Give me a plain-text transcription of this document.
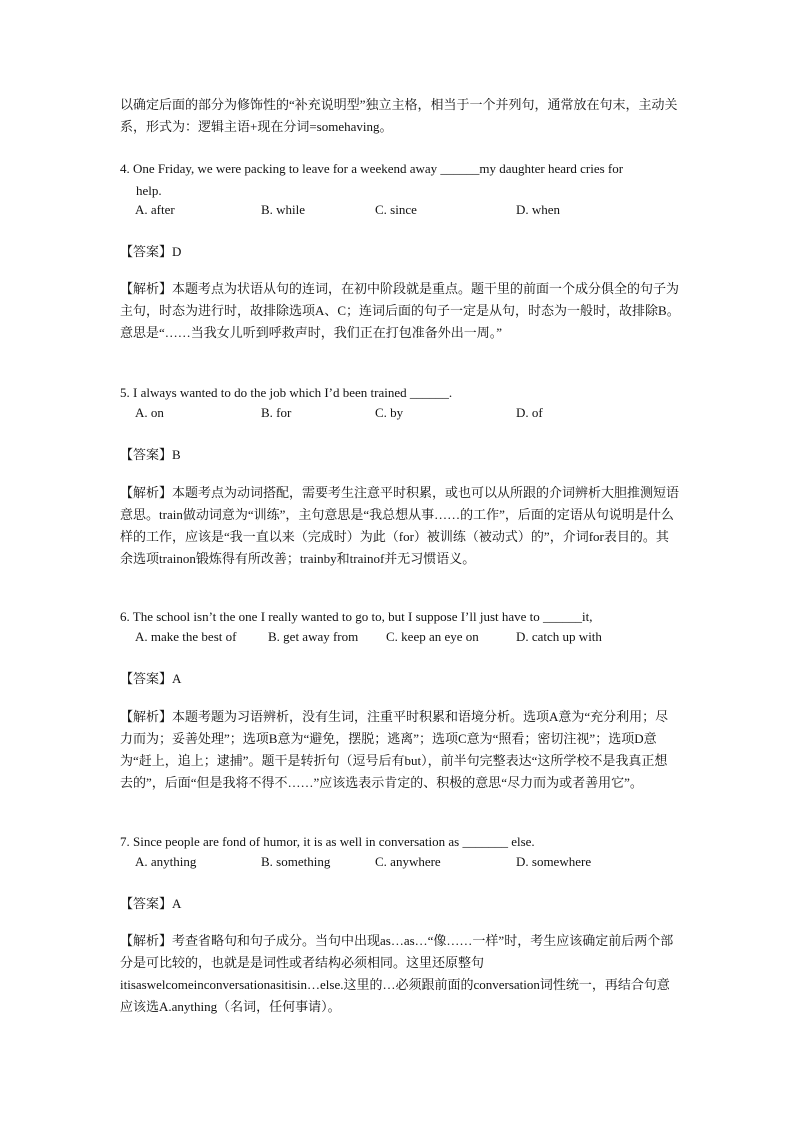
以确定后面的部分为修饰性的“补充说明型”独立主格，相当于一个并列句，通常放在句末，主动关系，形式为：逻辑主语+现在分词=somehaving。

4. One Friday, we were packing to leave for a weekend away ______my daughter heard cries for
help.

A. after	B. while	C. since	D. when
【答案】D

【解析】本题考点为状语从句的连词，在初中阶段就是重点。题干里的前面一个成分俱全的句子为主句，时态为进行时，故排除选项A、C；连词后面的句子一定是从句，时态为一般时，故排除B。意思是“……当我女儿听到呼救声时，我们正在打包准备外出一周。”

5. I always wanted to do the job which I’d been trained ______.

A. on	B. for	C. by	D. of
【答案】B

【解析】本题考点为动词搭配，需要考生注意平时积累，或也可以从所跟的介词辨析大胆推测短语意思。train做动词意为“训练”，主句意思是“我总想从事……的工作”，后面的定语从句说明是什么样的工作，应该是“我一直以来（完成时）为此（for）被训练（被动式）的”，介词for表目的。其余选项trainon锻炼得有所改善；trainby和trainof并无习惯语义。

6. The school isn’t the one I really wanted to go to, but I suppose I’ll just have to ______it,

A. make the best of B. get away from C. keep an eye on	D. catch up with
【答案】A

【解析】本题考题为习语辨析，没有生词，注重平时积累和语境分析。选项A意为“充分利用；尽力而为；妥善处理”；选项B意为“避免，摆脱；逃离”；选项C意为“照看；密切注视”；选项D意为“赶上，追上；逮捕”。题干是转折句（逗号后有but），前半句完整表达“这所学校不是我真正想去的”，后面“但是我将不得不……”应该选表示肯定的、积极的意思“尽力而为或者善用它”。

7. Since people are fond of humor, it is as well in conversation as _______ else.

A. anything	B. something	C. anywhere	D. somewhere
【答案】A

【解析】考查省略句和句子成分。当句中出现as…as…“像……一样”时，考生应该确定前后两个部分是可比较的，也就是是词性或者结构必须相同。这里还原整句itisaswelcomeinconversationasitisin…else.这里的…必须跟前面的conversation词性统一，再结合句意应该选A.anything（名词，任何事请）。
